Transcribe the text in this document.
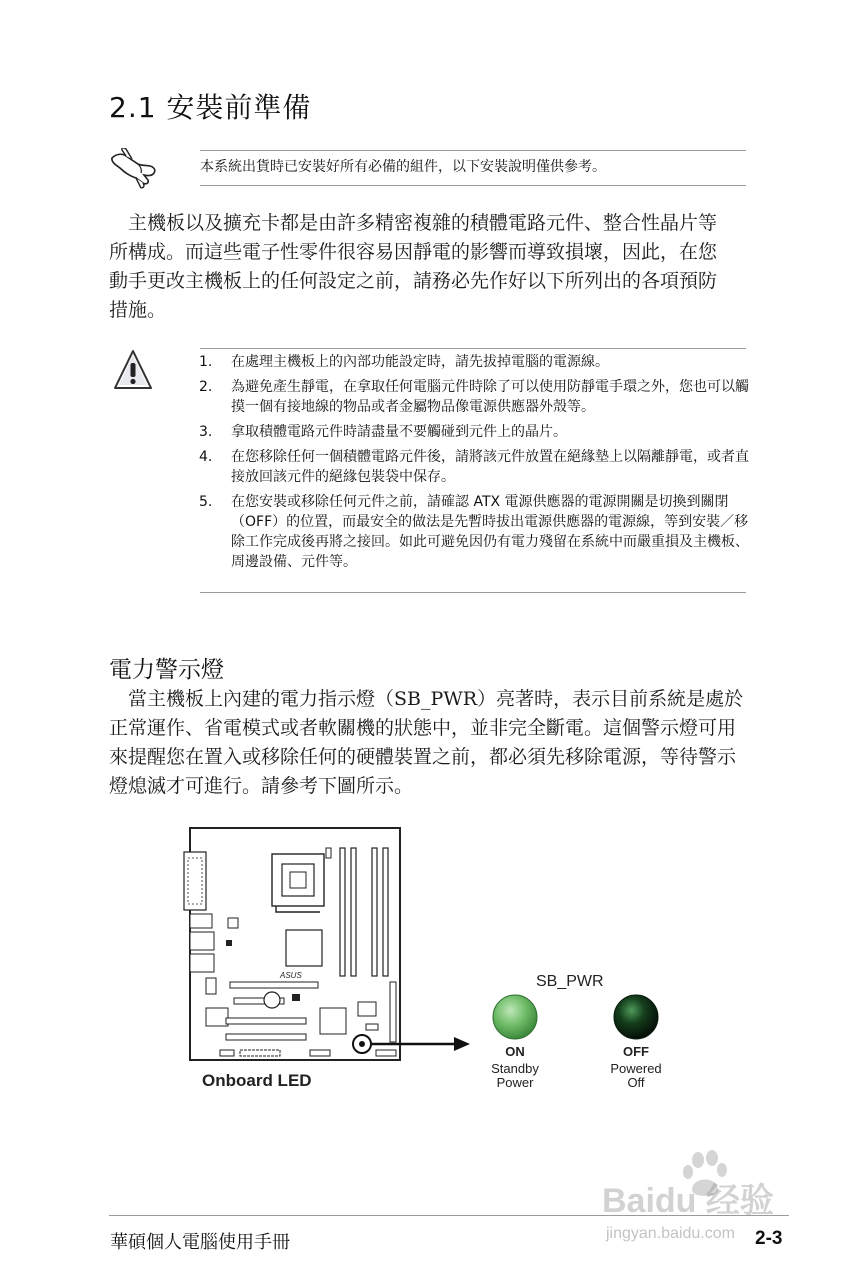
2.1 安裝前準備
本系統出貨時已安裝好所有必備的組件，以下安裝說明僅供參考。
　主機板以及擴充卡都是由許多精密複雜的積體電路元件、整合性晶片等
所構成。而這些電子性零件很容易因靜電的影響而導致損壞，因此，在您
動手更改主機板上的任何設定之前，請務必先作好以下所列出的各項預防
措施。
1.	在處理主機板上的內部功能設定時，請先拔掉電腦的電源線。
2.	為避免產生靜電，在拿取任何電腦元件時除了可以使用防靜電手環之外，您也可以觸摸一個有接地線的物品或者金屬物品像電源供應器外殼等。
3.	拿取積體電路元件時請盡量不要觸碰到元件上的晶片。
4.	在您移除任何一個積體電路元件後，請將該元件放置在絕緣墊上以隔離靜電，或者直接放回該元件的絕緣包裝袋中保存。
5.	在您安裝或移除任何元件之前，請確認 ATX 電源供應器的電源開關是切換到關閉（OFF）的位置，而最安全的做法是先暫時拔出電源供應器的電源線，等到安裝／移除工作完成後再將之接回。如此可避免因仍有電力殘留在系統中而嚴重損及主機板、周邊設備、元件等。
電力警示燈
　當主機板上內建的電力指示燈（SB_PWR）亮著時，表示目前系統是處於
正常運作、省電模式或者軟關機的狀態中，並非完全斷電。這個警示燈可用
來提醒您在置入或移除任何的硬體裝置之前，都必須先移除電源，等待警示
燈熄滅才可進行。請參考下圖所示。
ASUS
Onboard LED
SB_PWR
ON
Standby
Power
OFF
Powered
Off
Baidu 经验
jingyan.baidu.com
華碩個人電腦使用手冊	2-3
